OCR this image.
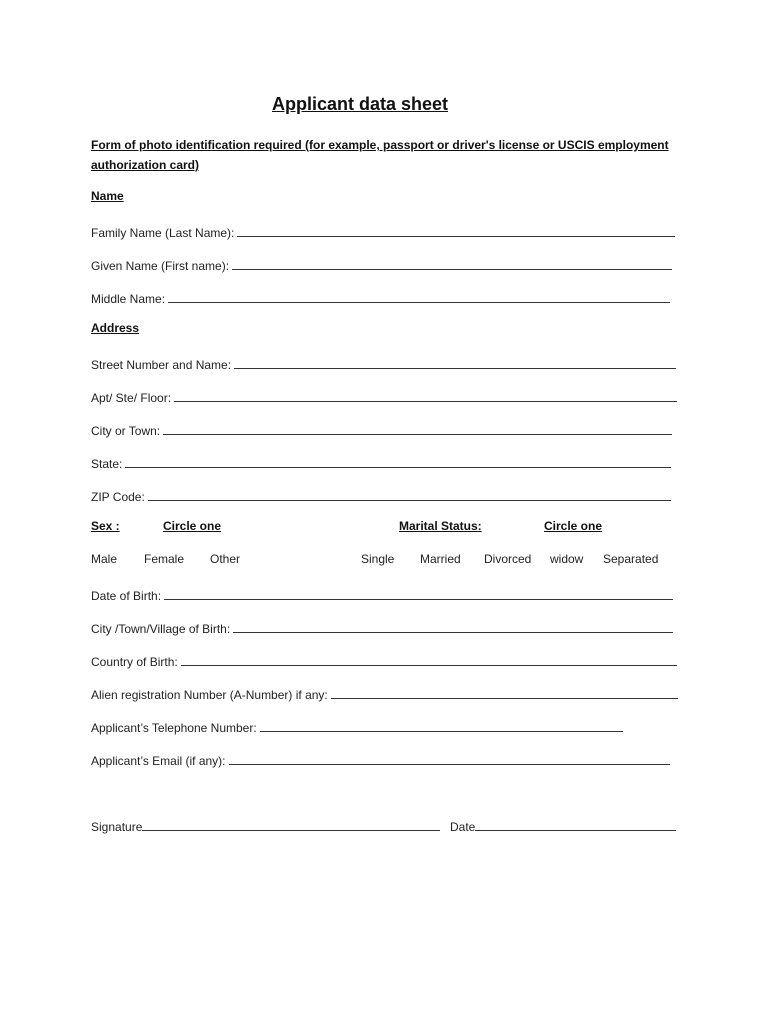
Applicant data sheet
Form of photo identification required (for example, passport or driver's license or USCIS employment authorization card)
Name
Family Name (Last Name):
Given Name (First name):
Middle Name:
Address
Street Number and Name:
Apt/ Ste/ Floor:
City or Town:
State:
ZIP Code:
Sex :	Circle one	Marital Status:	Circle one
Male Female Other	Single Married Divorced widow Separated
Date of Birth:
City /Town/Village of Birth:
Country of Birth:
Alien registration Number (A-Number) if any:
Applicant’s Telephone Number:
Applicant’s Email (if any):
Signature	Date
